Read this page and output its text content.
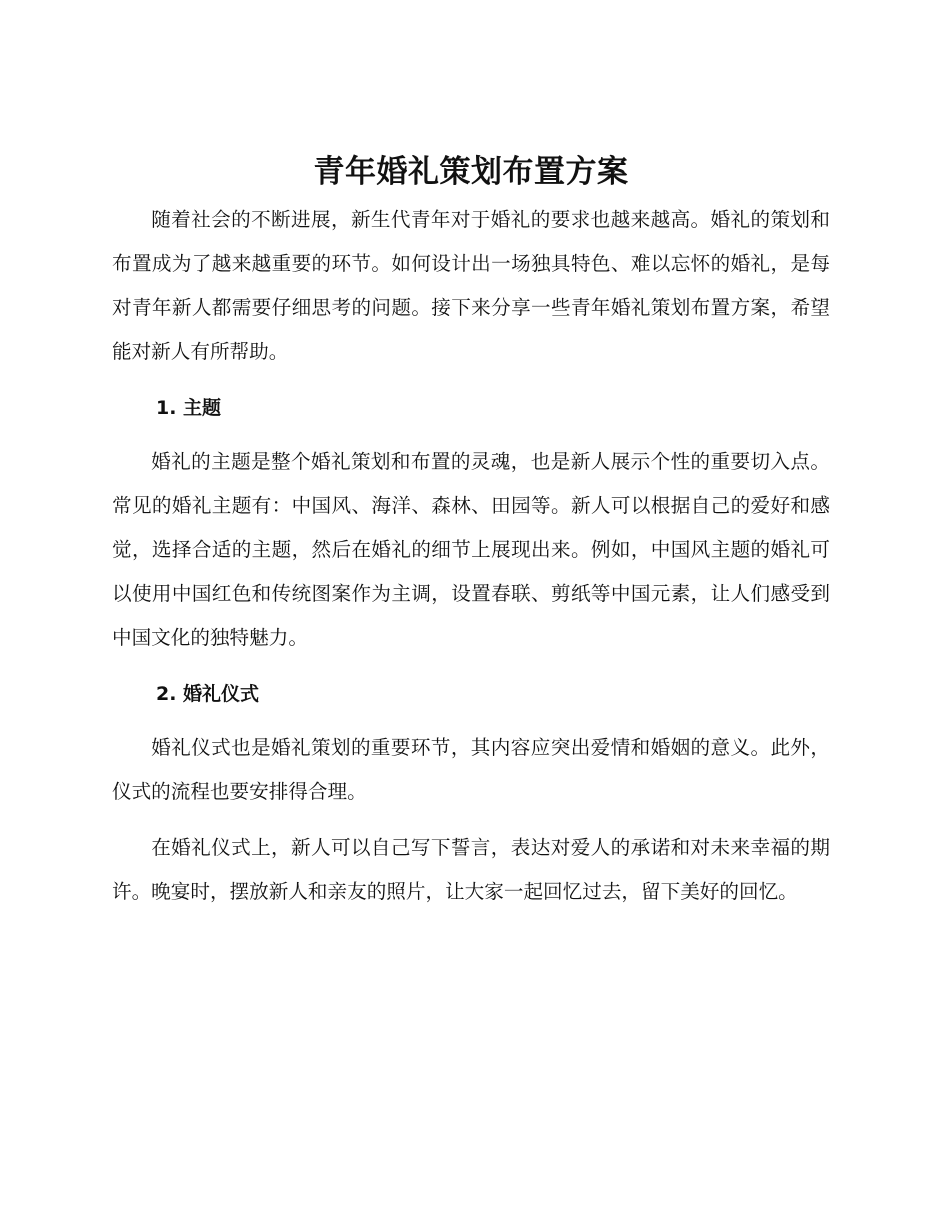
青年婚礼策划布置方案

随着社会的不断进展，新生代青年对于婚礼的要求也越来越高。婚礼的策划和布置成为了越来越重要的环节。如何设计出一场独具特色、难以忘怀的婚礼，是每对青年新人都需要仔细思考的问题。接下来分享一些青年婚礼策划布置方案，希望能对新人有所帮助。

1. 主题

婚礼的主题是整个婚礼策划和布置的灵魂，也是新人展示个性的重要切入点。常见的婚礼主题有：中国风、海洋、森林、田园等。新人可以根据自己的爱好和感觉，选择合适的主题，然后在婚礼的细节上展现出来。例如，中国风主题的婚礼可以使用中国红色和传统图案作为主调，设置春联、剪纸等中国元素，让人们感受到中国文化的独特魅力。

2. 婚礼仪式

婚礼仪式也是婚礼策划的重要环节，其内容应突出爱情和婚姻的意义。此外，仪式的流程也要安排得合理。

在婚礼仪式上，新人可以自己写下誓言，表达对爱人的承诺和对未来幸福的期许。晚宴时，摆放新人和亲友的照片，让大家一起回忆过去，留下美好的回忆。
